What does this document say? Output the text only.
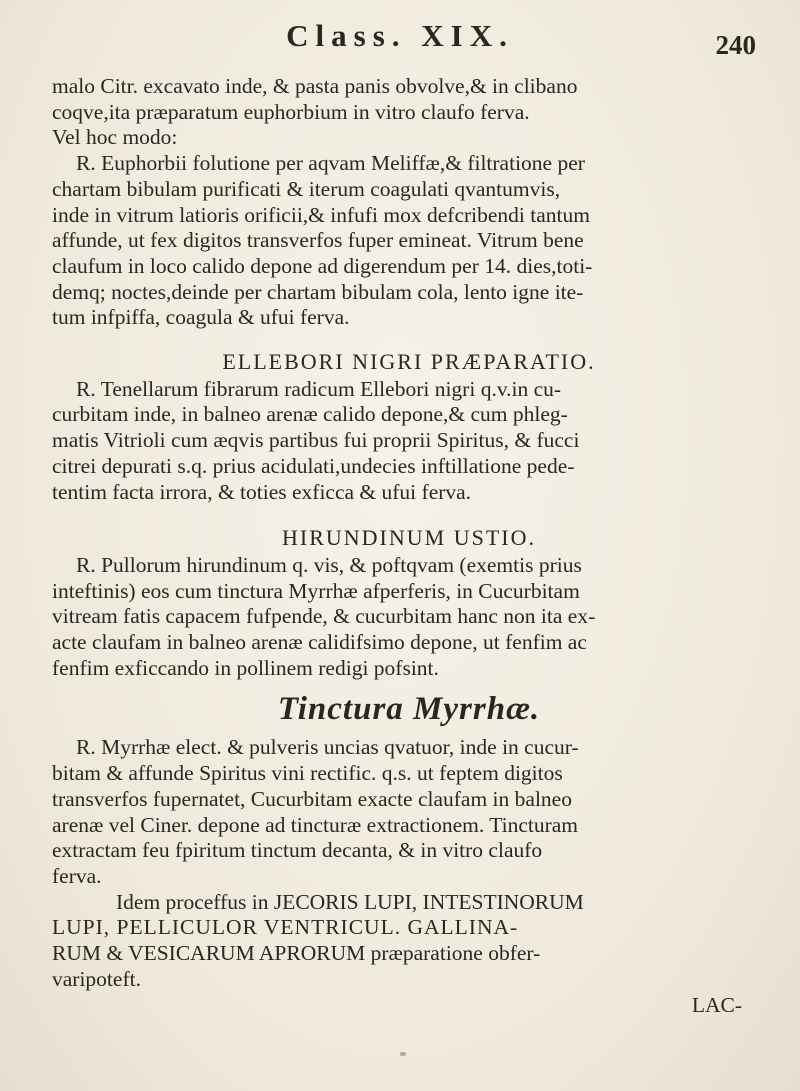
Class. XIX.	240
malo Citr. excavato inde, & pasta panis obvolve,& in clibano
coqve,ita præparatum euphorbium in vitro claufo ferva.
Vel hoc modo:
R. Euphorbii folutione per aqvam Meliffæ,& filtratione per
chartam bibulam purificati & iterum coagulati qvantumvis,
inde in vitrum latioris orificii,& infufi mox defcribendi tantum
affunde, ut fex digitos transverfos fuper emineat. Vitrum bene
claufum in loco calido depone ad digerendum per 14. dies,toti-
demq; noctes,deinde per chartam bibulam cola, lento igne ite-
tum infpiffa, coagula & ufui ferva.
ELLEBORI NIGRI PRÆPARATIO.
R. Tenellarum fibrarum radicum Ellebori nigri q.v.in cu-
curbitam inde, in balneo arenæ calido depone,& cum phleg-
matis Vitrioli cum æqvis partibus fui proprii Spiritus, & fucci
citrei depurati s.q. prius acidulati,undecies inftillatione pede-
tentim facta irrora, & toties exficca & ufui ferva.
HIRUNDINUM USTIO.
R. Pullorum hirundinum q. vis, & poftqvam (exemtis prius
inteftinis) eos cum tinctura Myrrhæ afperferis, in Cucurbitam
vitream fatis capacem fufpende, & cucurbitam hanc non ita ex-
acte claufam in balneo arenæ calidifsimo depone, ut fenfim ac
fenfim exficcando in pollinem redigi pofsint.
Tinctura Myrrhæ.
R. Myrrhæ elect. & pulveris uncias qvatuor, inde in cucur-
bitam & affunde Spiritus vini rectific. q.s. ut feptem digitos
transverfos fupernatet, Cucurbitam exacte claufam in balneo
arenæ vel Ciner. depone ad tincturæ extractionem. Tincturam
extractam feu fpiritum tinctum decanta, & in vitro claufo
ferva.
Idem proceffus in JECORIS LUPI, INTESTINORUM
LUPI, PELLICULOR VENTRICUL. GALLINA-
RUM & VESICARUM APRORUM præparatione obfer-
varipoteft.
LAC-
